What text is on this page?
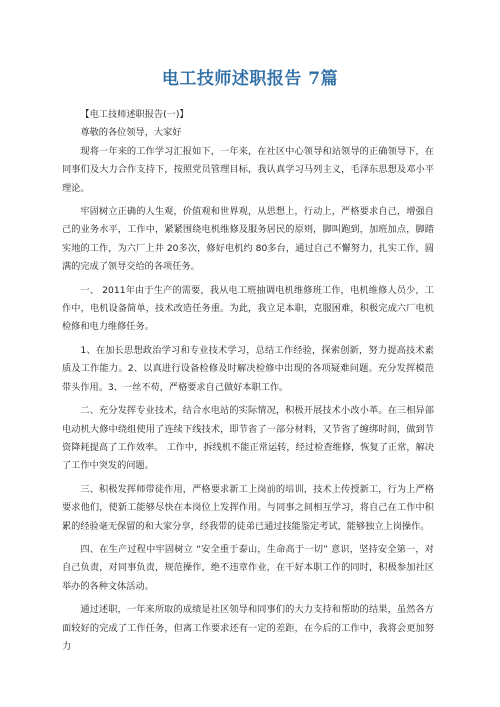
电工技师述职报告 7篇

【电工技师述职报告(一)】

尊敬的各位领导，大家好

现将一年来的工作学习汇报如下，一年来，在社区中心领导和站领导的正确领导下，在同事们及大力合作支持下，按照党员管理目标，我认真学习马列主义，毛泽东思想及邓小平理论。

牢固树立正确的人生观，价值观和世界观，从思想上，行动上，严格要求自己，增强自己的业务水平，工作中，紧紧围绕电机维修及服务居民的原则，脚叫跑到，加班加点，脚踏实地的工作，为六厂上井 20多次，修好电机约 80多台，通过自己不懈努力，扎实工作，圆满的完成了领导交给的各项任务。

一、 2011年由于生产的需要，我从电工班抽调电机维修班工作，电机维修人员少，工作中，电机设备简单，技术改造任务重。为此，我立足本职，克服困难，积极完成六厂电机检修和电力维修任务。

1、在加长思想政治学习和专业技术学习，总结工作经验，探索创新，努力提高技术素质及工作能力。2、以真进行设备检修及时解决检修中出现的各项疑难问题。充分发挥模范带头作用。3、一丝不苟，严格要求自己做好本职工作。

二、充分发挥专业技术，结合水电站的实际情况，积极开展技术小改小革。在三相异部电动机大修中绕组使用了连续下线技术，即节省了一部分材料，又节省了缠绑时间，做到节资降耗提高了工作效率。 工作中，拆线机不能正常运转，经过检查维修，恢复了正常，解决了工作中突发的问题。

三、积极发挥师带徒作用，严格要求新工上岗前的培训，技术上传授新工，行为上严格要求他们，使新工能够尽快在本岗位上发挥作用。与同事之间相互学习，将自己在工作中积累的经验毫无保留的和大家分享，经我带的徒弟已通过技能鉴定考试，能够独立上岗操作。

四、在生产过程中牢固树立 “安全重于泰山，生命高于一切” 意识，坚持安全第一，对自己负责，对同事负责，规范操作，绝不违章作业，在干好本职工作的同时，积极参加社区举办的各种文体活动。

通过述职，一年来所取的成绩是社区领导和同事们的大力支持和帮助的结果，虽然各方面较好的完成了工作任务，但离工作要求还有一定的差距，在今后的工作中，我将会更加努力
